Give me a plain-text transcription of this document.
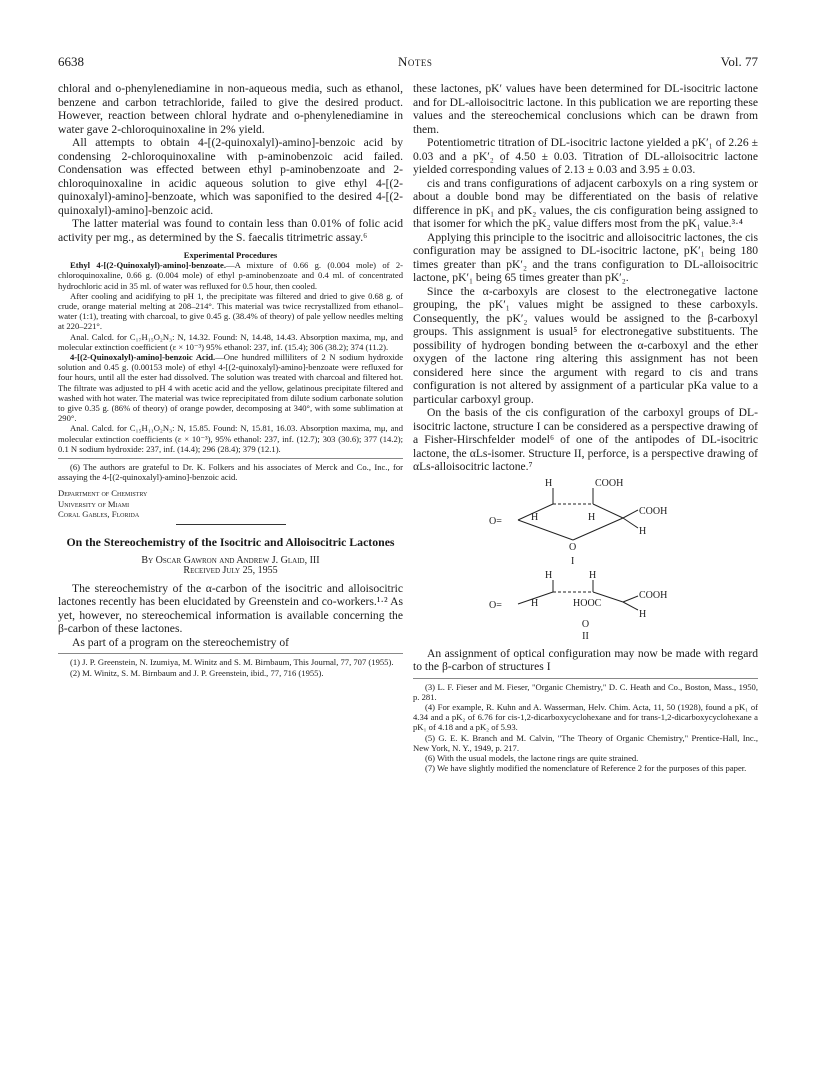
6638	Notes	Vol. 77

chloral and o-phenylenediamine in non-aqueous media, such as ethanol, benzene and carbon tetrachloride, failed to give the desired product. However, reaction between chloral hydrate and o-phenylenediamine in water gave 2-chloroquinoxaline in 2% yield.

All attempts to obtain 4-[(2-quinoxalyl)-amino]-benzoic acid by condensing 2-chloroquinoxaline with p-aminobenzoic acid failed. Condensation was effected between ethyl p-aminobenzoate and 2-chloroquinoxaline in acidic aqueous solution to give ethyl 4-[(2-quinoxalyl)-amino]-benzoate, which was saponified to the desired 4-[(2-quinoxalyl)-amino]-benzoic acid.

The latter material was found to contain less than 0.01% of folic acid activity per mg., as determined by the S. faecalis titrimetric assay.⁶

Experimental Procedures

Ethyl 4-[(2-Quinoxalyl)-amino]-benzoate.—A mixture of 0.66 g. (0.004 mole) of 2-chloroquinoxaline, 0.66 g. (0.004 mole) of ethyl p-aminobenzoate and 0.4 ml. of concentrated hydrochloric acid in 35 ml. of water was refluxed for 0.5 hour, then cooled.

After cooling and acidifying to pH 1, the precipitate was filtered and dried to give 0.68 g. of crude, orange material melting at 208–214°. This material was twice recrystallized from ethanol–water (1:1), treating with charcoal, to give 0.45 g. (38.4% of theory) of pale yellow needles melting at 220–221°.

Anal. Calcd. for C₁₇H₁₅O₂N₃: N, 14.32. Found: N, 14.48, 14.43. Absorption maxima, mμ, and molecular extinction coefficient (ε × 10⁻³) 95% ethanol: 237, inf. (15.4); 306 (38.2); 374 (11.2).

4-[(2-Quinoxalyl)-amino]-benzoic Acid.—One hundred milliliters of 2 N sodium hydroxide solution and 0.45 g. (0.00153 mole) of ethyl 4-[(2-quinoxalyl)-amino]-benzoate were refluxed for four hours, until all the ester had dissolved. The solution was treated with charcoal and filtered hot. The filtrate was adjusted to pH 4 with acetic acid and the yellow, gelatinous precipitate filtered and washed with hot water. The material was twice reprecipitated from dilute sodium carbonate solution to give 0.35 g. (86% of theory) of orange powder, decomposing at 340°, with some sublimation at 290°.

Anal. Calcd. for C₁₅H₁₁O₂N₃: N, 15.85. Found: N, 15.81, 16.03. Absorption maxima, mμ, and molecular extinction coefficients (ε × 10⁻³), 95% ethanol: 237, inf. (12.7); 303 (30.6); 377 (14.2); 0.1 N sodium hydroxide: 237, inf. (14.4); 296 (28.4); 379 (12.1).

(6) The authors are grateful to Dr. K. Folkers and his associates of Merck and Co., Inc., for assaying the 4-[(2-quinoxalyl)-amino]-benzoic acid.

Department of Chemistry

University of Miami

Coral Gables, Florida

On the Stereochemistry of the Isocitric and Alloisocitric Lactones

By Oscar Gawron and Andrew J. Glaid, III

Received July 25, 1955

The stereochemistry of the α-carbon of the isocitric and alloisocitric lactones recently has been elucidated by Greenstein and co-workers.¹·² As yet, however, no stereochemical information is available concerning the β-carbon of these lactones.

As part of a program on the stereochemistry of

(1) J. P. Greenstein, N. Izumiya, M. Winitz and S. M. Birnbaum, This Journal, 77, 707 (1955).

(2) M. Winitz, S. M. Birnbaum and J. P. Greenstein, ibid., 77, 716 (1955).

these lactones, pK′ values have been determined for DL-isocitric lactone and for DL-alloisocitric lactone. In this publication we are reporting these values and the stereochemical conclusions which can be drawn from them.

Potentiometric titration of DL-isocitric lactone yielded a pK′₁ of 2.26 ± 0.03 and a pK′₂ of 4.50 ± 0.03. Titration of DL-alloisocitric lactone yielded corresponding values of 2.13 ± 0.03 and 3.95 ± 0.03.

cis and trans configurations of adjacent carboxyls on a ring system or about a double bond may be differentiated on the basis of relative difference in pK₁ and pK₂ values, the cis configuration being assigned to that isomer for which the pK₂ value differs most from the pK₁ value.³·⁴

Applying this principle to the isocitric and alloisocitric lactones, the cis configuration may be assigned to DL-isocitric lactone, pK′₁ being 180 times greater than pK′₂ and the trans configuration to DL-alloisocitric lactone, pK′₁ being 65 times greater than pK′₂.

Since the α-carboxyls are closest to the electronegative lactone grouping, the pK′₁ values might be assigned to these carboxyls. Consequently, the pK′₂ values would be assigned to the β-carboxyl groups. This assignment is usual⁵ for electronegative substituents. The possibility of hydrogen bonding between the α-carboxyl and the ether oxygen of the lactone ring altering this assignment has not been considered here since the argument with regard to cis and trans configuration is not altered by assignment of a particular pKa value to a particular carboxyl group.

On the basis of the cis configuration of the carboxyl groups of DL-isocitric lactone, structure I can be considered as a perspective drawing of a Fisher-Hirschfelder model⁶ of one of the antipodes of DL-isocitric lactone, the αLs-isomer. Structure II, perforce, is a perspective drawing of αLs-alloisocitric lactone.⁷

H	COOH
O=	H	H
COOH
H
O
I
H	H
O=	H	HOOC
COOH
H

O

II

An assignment of optical configuration may now be made with regard to the β-carbon of structures I

(3) L. F. Fieser and M. Fieser, "Organic Chemistry," D. C. Heath and Co., Boston, Mass., 1950, p. 281.

(4) For example, R. Kuhn and A. Wasserman, Helv. Chim. Acta, 11, 50 (1928), found a pK₁ of 4.34 and a pK₂ of 6.76 for cis-1,2-dicarboxycyclohexane and for trans-1,2-dicarboxycyclohexane a pK₁ of 4.18 and a pK₂ of 5.93.

(5) G. E. K. Branch and M. Calvin, "The Theory of Organic Chemistry," Prentice-Hall, Inc., New York, N. Y., 1949, p. 217.

(6) With the usual models, the lactone rings are quite strained.

(7) We have slightly modified the nomenclature of Reference 2 for the purposes of this paper.
